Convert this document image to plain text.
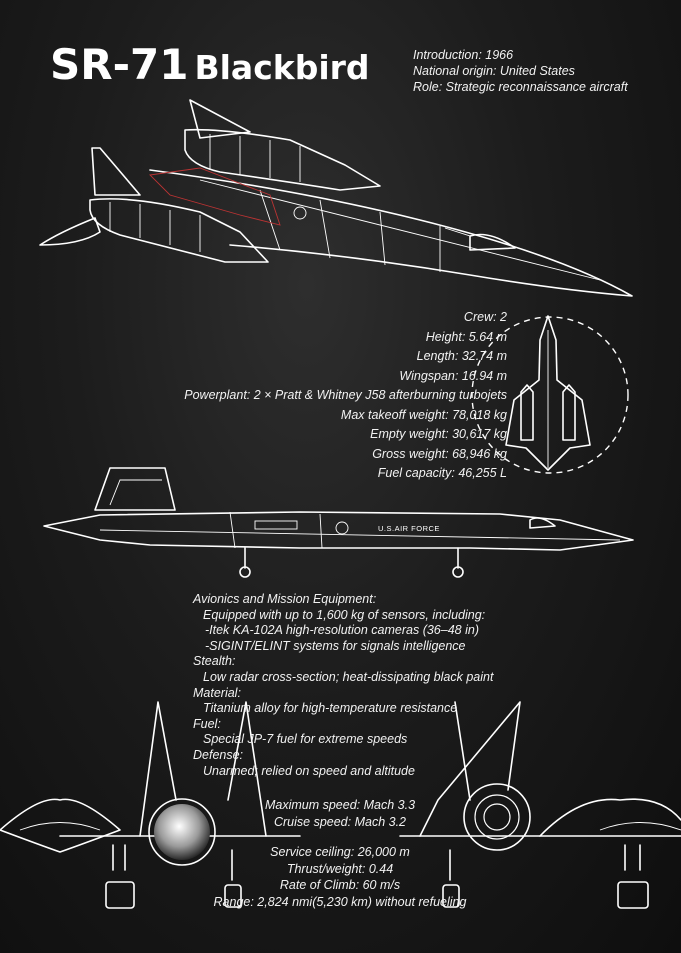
U.S.AIR FORCE
SR-71 Blackbird	Introduction: 1966
National origin: United States
Role: Strategic reconnaissance aircraft
Crew: 2
Height: 5.64 m
Length: 32.74 m
Wingspan: 16.94 m
Powerplant: 2 × Pratt & Whitney J58 afterburning turbojets
Max takeoff weight: 78,018 kg
Empty weight: 30,617 kg
Gross weight: 68,946 kg
Fuel capacity: 46,255 L
Avionics and Mission Equipment:
Equipped with up to 1,600 kg of sensors, including:
-Itek KA-102A high-resolution cameras (36–48 in)
-SIGINT/ELINT systems for signals intelligence
Stealth:
Low radar cross-section; heat-dissipating black paint
Material:
Titanium alloy for high-temperature resistance
Fuel:
Special JP-7 fuel for extreme speeds
Defense:
Unarmed; relied on speed and altitude
Maximum speed: Mach 3.3
Cruise speed: Mach 3.2
Service ceiling: 26,000 m
Thrust/weight: 0.44
Rate of Climb: 60 m/s
Range: 2,824 nmi(5,230 km) without refueling
